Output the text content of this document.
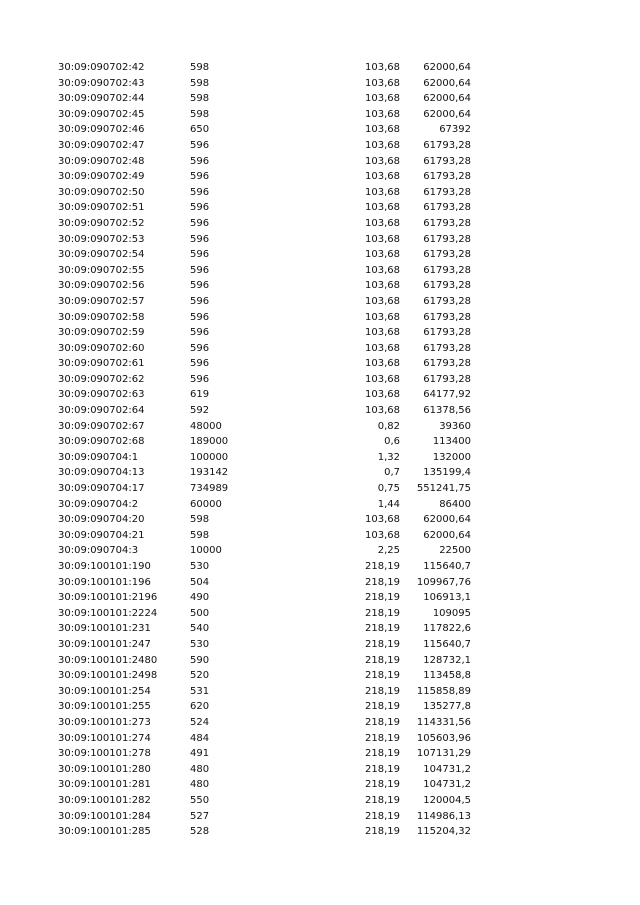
30:09:090702:42	598	103,68	62000,64
30:09:090702:43	598	103,68	62000,64
30:09:090702:44	598	103,68	62000,64
30:09:090702:45	598	103,68	62000,64
30:09:090702:46	650	103,68	67392
30:09:090702:47	596	103,68	61793,28
30:09:090702:48	596	103,68	61793,28
30:09:090702:49	596	103,68	61793,28
30:09:090702:50	596	103,68	61793,28
30:09:090702:51	596	103,68	61793,28
30:09:090702:52	596	103,68	61793,28
30:09:090702:53	596	103,68	61793,28
30:09:090702:54	596	103,68	61793,28
30:09:090702:55	596	103,68	61793,28
30:09:090702:56	596	103,68	61793,28
30:09:090702:57	596	103,68	61793,28
30:09:090702:58	596	103,68	61793,28
30:09:090702:59	596	103,68	61793,28
30:09:090702:60	596	103,68	61793,28
30:09:090702:61	596	103,68	61793,28
30:09:090702:62	596	103,68	61793,28
30:09:090702:63	619	103,68	64177,92
30:09:090702:64	592	103,68	61378,56
30:09:090702:67	48000	0,82	39360
30:09:090702:68	189000	0,6	113400
30:09:090704:1	100000	1,32	132000
30:09:090704:13	193142	0,7	135199,4
30:09:090704:17	734989	0,75	551241,75
30:09:090704:2	60000	1,44	86400
30:09:090704:20	598	103,68	62000,64
30:09:090704:21	598	103,68	62000,64
30:09:090704:3	10000	2,25	22500
30:09:100101:190	530	218,19	115640,7
30:09:100101:196	504	218,19	109967,76
30:09:100101:2196	490	218,19	106913,1
30:09:100101:2224	500	218,19	109095
30:09:100101:231	540	218,19	117822,6
30:09:100101:247	530	218,19	115640,7
30:09:100101:2480	590	218,19	128732,1
30:09:100101:2498	520	218,19	113458,8
30:09:100101:254	531	218,19	115858,89
30:09:100101:255	620	218,19	135277,8
30:09:100101:273	524	218,19	114331,56
30:09:100101:274	484	218,19	105603,96
30:09:100101:278	491	218,19	107131,29
30:09:100101:280	480	218,19	104731,2
30:09:100101:281	480	218,19	104731,2
30:09:100101:282	550	218,19	120004,5
30:09:100101:284	527	218,19	114986,13
30:09:100101:285	528	218,19	115204,32
